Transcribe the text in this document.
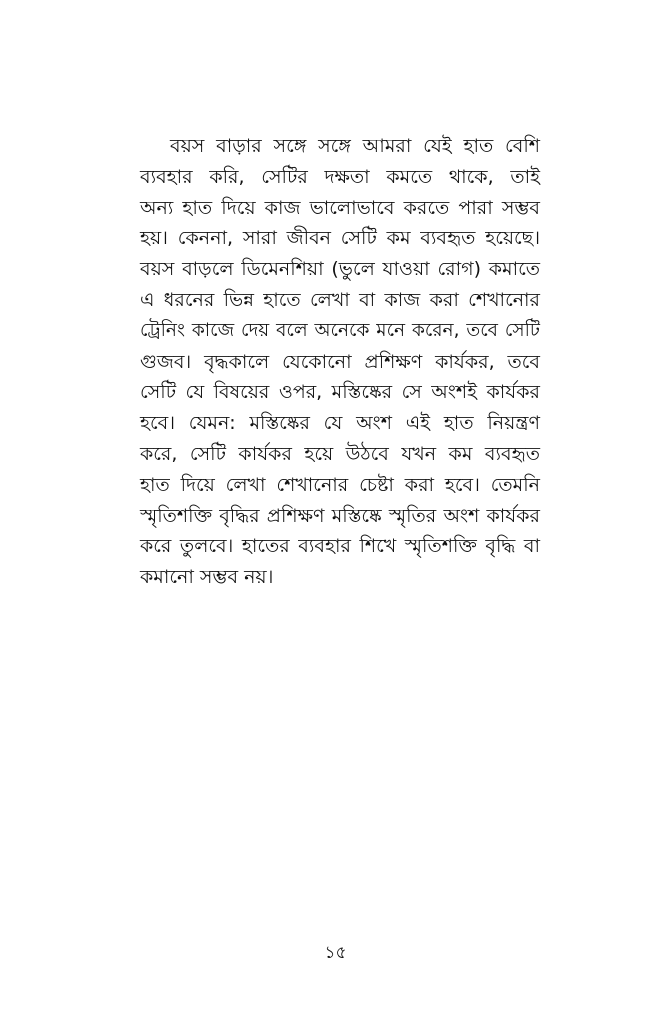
বয়স বাড়ার সঙ্গে সঙ্গে আমরা যেই হাত বেশি
ব্যবহার করি, সেটির দক্ষতা কমতে থাকে, তাই
অন্য হাত দিয়ে কাজ ভালোভাবে করতে পারা সম্ভব
হয়। কেননা, সারা জীবন সেটি কম ব্যবহৃত হয়েছে।
বয়স বাড়লে ডিমেনশিয়া (ভুলে যাওয়া রোগ) কমাতে
এ ধরনের ভিন্ন হাতে লেখা বা কাজ করা শেখানোর
ট্রেনিং কাজে দেয় বলে অনেকে মনে করেন, তবে সেটি
গুজব। বৃদ্ধকালে যেকোনো প্রশিক্ষণ কার্যকর, তবে
সেটি যে বিষয়ের ওপর, মস্তিষ্কের সে অংশই কার্যকর
হবে। যেমন: মস্তিষ্কের যে অংশ এই হাত নিয়ন্ত্রণ
করে, সেটি কার্যকর হয়ে উঠবে যখন কম ব্যবহৃত
হাত দিয়ে লেখা শেখানোর চেষ্টা করা হবে। তেমনি
স্মৃতিশক্তি বৃদ্ধির প্রশিক্ষণ মস্তিষ্কে স্মৃতির অংশ কার্যকর
করে তুলবে। হাতের ব্যবহার শিখে স্মৃতিশক্তি বৃদ্ধি বা
কমানো সম্ভব নয়।
১৫
